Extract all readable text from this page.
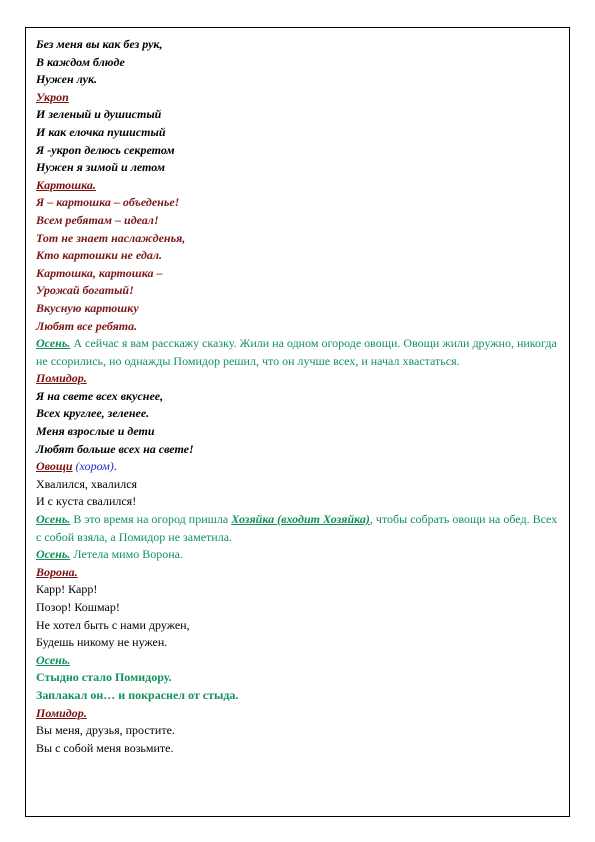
Без меня вы как без рук,
В каждом блюде
Нужен лук.
Укроп
И зеленый и душистый
И как елочка пушистый
Я -укроп делюсь секретом
Нужен я зимой и летом
Картошка.
Я – картошка – объеденье!
Всем ребятам – идеал!
Тот не знает наслажденья,
Кто картошки не едал.
Картошка, картошка –
Урожай богатый!
Вкусную картошку
Любят все ребята.
Осень. А сейчас я вам расскажу сказку. Жили на одном огороде овощи. Овощи жили дружно, никогда не ссорились, но однажды Помидор решил, что он лучше всех, и начал хвастаться.
Помидор.
Я на свете всех вкуснее,
Всех круглее, зеленее.
Меня взрослые и дети
Любят больше всех на свете!
Овощи (хором).
Хвалился, хвалился
И с куста свалился!
Осень. В это время на огород пришла Хозяйка (входит Хозяйка), чтобы собрать овощи на обед. Всех с собой взяла, а Помидор не заметила.
Осень. Летела мимо Ворона.
Ворона.
Карр! Карр!
Позор! Кошмар!
Не хотел быть с нами дружен,
Будешь никому не нужен.
Осень.
Стыдно стало Помидору.
Заплакал он… и покраснел от стыда.
Помидор.
Вы меня, друзья, простите.
Вы с собой меня возьмите.
